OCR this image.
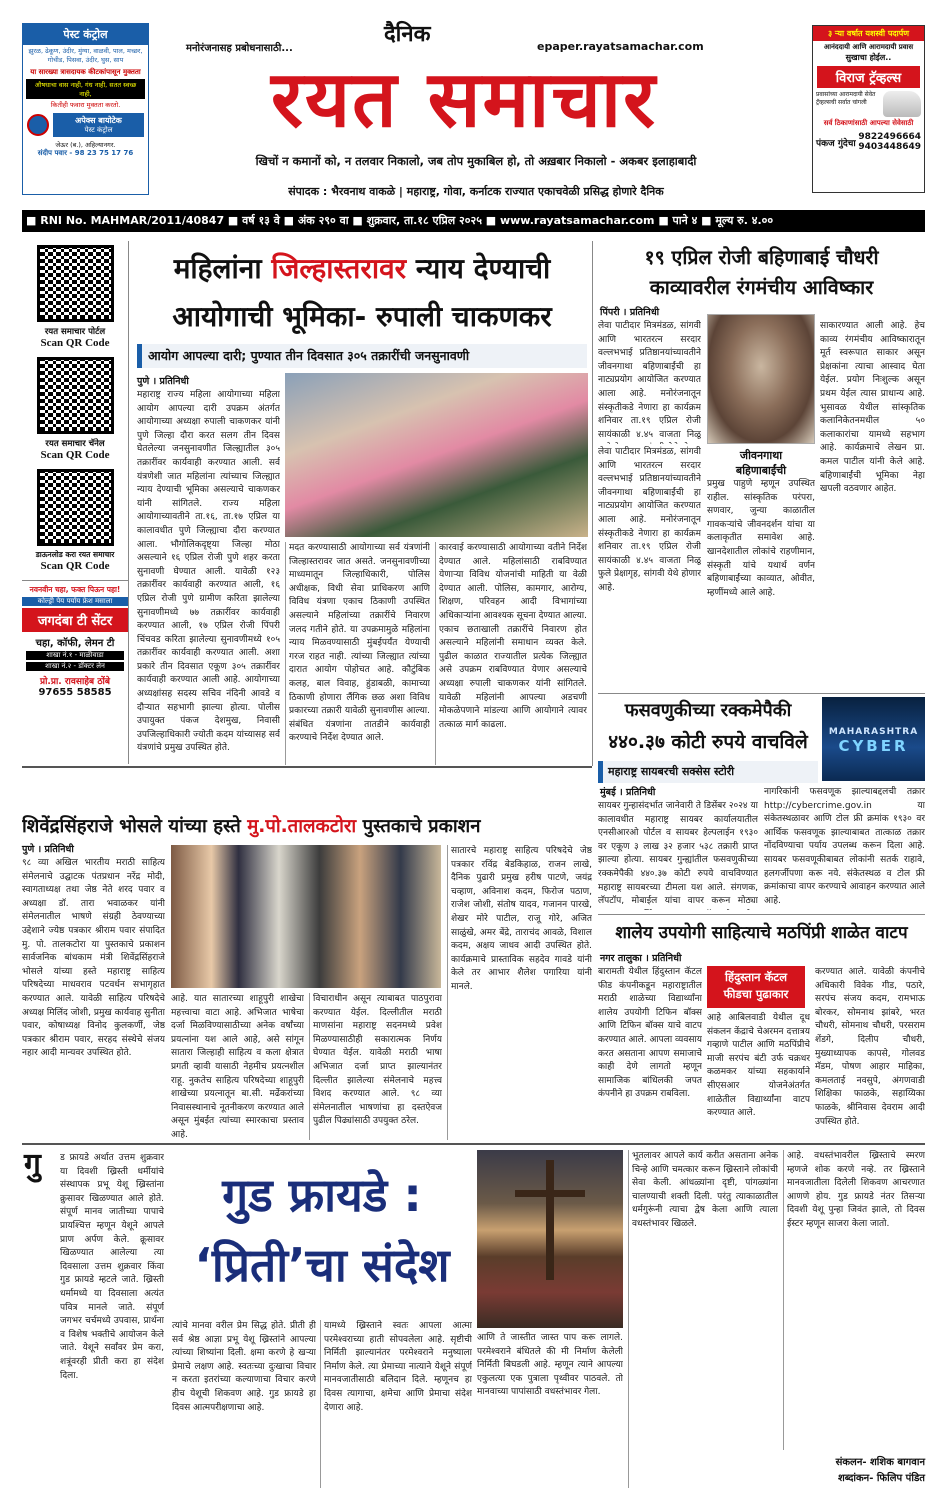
पेस्ट कंट्रोल
झुरळ, ढेकूण, उंदीर, मुंग्या, वाळवी, पाल, मच्छर, गोचीड, पिसवा, उंदीर, घुस, साप
या सारख्या त्रासदायक कीटकांपासून मुक्तता
औषधाचा वास नाही, गंध नाही, सतत स्वच्छ नाही,
कितीही फवारा मुक्तता करतो.
अपेक्स बायोटेक
पेस्ट कंट्रोल
जेऊर (ब.), अहिल्यानगर.
संदीप पवार - 98 23 75 17 76
दैनिक
मनोरंजनासह प्रबोधनासाठी...	epaper.rayatsamachar.com
रयत समाचार
खिचों न कमानों को, न तलवार निकालो, जब तोप मुकाबिल हो, तो अख़बार निकालो - अकबर इलाहाबादी
संपादक : भैरवनाथ वाकळे | महाराष्ट्र, गोवा, कर्नाटक राज्यात एकाचवेळी प्रसिद्ध होणारे दैनिक
३ ऱ्या वर्षात यशस्वी पदार्पण
आनंददायी आणि आरामदायी प्रवास
सुखाचा होईल..
विराज ट्रॅव्हल्स
प्रवासांच्या आरामदायी सेवेत
ट्रॅव्हल्सची सर्वात चांगली
सर्व ठिकाणांसाठी आपल्या सेवेसाठी
पंकज गुंदेचा
9822496664
9403448649
■ RNI No. MAHMAR/2011/40847 ■ वर्ष १३ वे ■ अंक २९० वा ■ शुक्रवार, ता.१८ एप्रिल २०२५ ■ www.rayatsamachar.com ■ पाने ४ ■ मूल्य रु. ४.००
रयत समाचार पोर्टल
Scan QR Code
रयत समाचार चॅनेल
Scan QR Code
डाऊनलोड करा रयत समाचार
Scan QR Code
नवनवीन चहा, फक्त पिऊन पहा!
कोल्ड्री पेय पर्याय फ्रेश मसाला
जगदंबा टी सेंटर
चहा, कॉफी, लेमन टी
शाखा नं.१ - माळीवाडा
शाखा नं.२ - डॉक्टर लेन
प्रो.प्रा. रावसाहेब ठोंबे
97655 58585
महिलांना जिल्हास्तरावर न्याय देण्याची
आयोगाची भूमिका- रुपाली चाकणकर
आयोग आपल्या दारी; पुण्यात तीन दिवसात ३०५ तक्रारींची जनसुनावणी
पुणे । प्रतिनिधी
महाराष्ट्र राज्य महिला आयोगाच्या महिला आयोग आपल्या दारी उपक्रम अंतर्गत आयोगाच्या अध्यक्षा रुपाली चाकणकर यांनी पुणे जिल्हा दौरा करत सलग तीन दिवस घेतलेल्या जनसुनावणीत जिल्ह्यातील ३०५ तक्रारींवर कार्यवाही करण्यात आली. सर्व यंत्रणेशी जात महिलांना त्यांच्याच जिल्ह्यात न्याय देण्याची भूमिका असल्याचे चाकणकर यांनी सांगितले. राज्य महिला आयोगाच्यावतीने ता.१६, ता.१७ एप्रिल या कालावधीत पुणे जिल्ह्याचा दौरा करण्यात आला. भौगोलिकदृष्ट्या जिल्हा मोठा असल्याने १६ एप्रिल रोजी पुणे शहर करता सुनावणी घेण्यात आली. यावेळी १२३ तक्रारींवर कार्यवाही करण्यात आली, १६ एप्रिल रोजी पुणे ग्रामीण करिता झालेल्या सुनावणीमध्ये ७७ तक्रारींवर कार्यवाही करण्यात आली, १७ एप्रिल रोजी पिंपरी चिंचवड करिता झालेल्या सुनावणीमध्ये १०५ तक्रारींवर कार्यवाही करण्यात आली. अशा प्रकारे तीन दिवसात एकूण ३०५ तक्रारींवर कार्यवाही करण्यात आली आहे. आयोगाच्या अध्यक्षांसह सदस्य सचिव नंदिनी आवडे व दौऱ्यात सहभागी झाल्या होत्या. पोलीस उपायुक्त पंकज देशमुख, निवासी उपजिल्हाधिकारी ज्योती कदम यांच्यासह सर्व यंत्रणांचे प्रमुख उपस्थित होते.
मदत करण्यासाठी आयोगाच्या सर्व यंत्रणांनी जिल्हास्तरावर जात असते. जनसुनावणीच्या माध्यमातून जिल्हाधिकारी, पोलिस अधीक्षक, विधी सेवा प्राधिकरण आणि विविध यंत्रणा एकाच ठिकाणी उपस्थित असल्याने महिलांच्या तक्रारींचे निवारण जलद गतीने होते. या उपक्रमामुळे महिलांना न्याय मिळवण्यासाठी मुंबईपर्यंत येण्याची गरज राहत नाही. त्यांच्या जिल्ह्यात त्यांच्या दारात आयोग पोहोचत आहे. कौटुंबिक कलह, बाल विवाह, हुंडाबळी, कामाच्या ठिकाणी होणारा लैंगिक छळ अशा विविध प्रकारच्या तक्रारी यावेळी सुनावणीस आल्या. संबंधित यंत्रणांना तातडीने कार्यवाही करण्याचे निर्देश देण्यात आले.
कारवाई करण्यासाठी आयोगाच्या वतीने निर्देश देण्यात आले. महिलांसाठी राबविण्यात येणाऱ्या विविध योजनांची माहिती या वेळी देण्यात आली. पोलिस, कामगार, आरोग्य, शिक्षण, परिवहन आदी विभागांच्या अधिकाऱ्यांना आवश्यक सूचना देण्यात आल्या. एकाच छताखाली तक्रारींचे निवारण होत असल्याने महिलांनी समाधान व्यक्त केले. पुढील काळात राज्यातील प्रत्येक जिल्ह्यात असे उपक्रम राबविण्यात येणार असल्याचे अध्यक्षा रुपाली चाकणकर यांनी सांगितले. यावेळी महिलांनी आपल्या अडचणी मोकळेपणाने मांडल्या आणि आयोगाने त्यावर तत्काळ मार्ग काढला.
१९ एप्रिल रोजी बहिणाबाई चौधरी
काव्यावरील रंगमंचीय आविष्कार
पिंपरी । प्रतिनिधी
लेवा पाटीदार मित्रमंडळ, सांगवी आणि भारतरत्न सरदार वल्लभभाई प्रतिष्ठानयांच्यावतीने जीवनगाथा बहिणाबाईंची हा नाट्यप्रयोग आयोजित करण्यात आला आहे. मनोरंजनातून संस्कृतीकडे नेणारा हा कार्यक्रम शनिवार ता.१९ एप्रिल रोजी सायंकाळी ४.४५ वाजता निळू
जीवनगाथा
बहिणाबाईंची
साकारण्यात आली आहे. हेच काव्य रंगमंचीय आविष्कारातून मूर्त स्वरूपात साकार असून प्रेक्षकांना त्याचा आस्वाद घेता येईल. प्रयोग निःशुल्क असून प्रथम येईल त्यास प्राधान्य आहे. भुसावळ येथील सांस्कृतिक कलानिकेतनमधील ५० कलाकारांचा यामध्ये सहभाग आहे. कार्यक्रमाचे लेखन प्रा. कमल पाटील यांनी केले आहे. बहिणाबाईंची भूमिका नेहा खपली वठवणार आहेत.
प्रमुख पाहुणे म्हणून उपस्थित राहील. सांस्कृतिक परंपरा, सणवार, जुन्या काळातील गावकऱ्यांचे जीवनदर्शन यांचा या कलाकृतीत समावेश आहे. खानदेशातील लोकांचे राहणीमान, संस्कृती यांचे यथार्थ वर्णन बहिणाबाईंच्या काव्यात, ओवीत, म्हणींमध्ये आले आहे.
लेवा पाटीदार मित्रमंडळ, सांगवी आणि भारतरत्न सरदार वल्लभभाई प्रतिष्ठानयांच्यावतीने जीवनगाथा बहिणाबाईंची हा नाट्यप्रयोग आयोजित करण्यात आला आहे. मनोरंजनातून संस्कृतीकडे नेणारा हा कार्यक्रम शनिवार ता.१९ एप्रिल रोजी सायंकाळी ४.४५ वाजता निळू फुले प्रेक्षागृह, सांगवी येथे होणार आहे.
फसवणुकीच्या रक्कमेपैकी
४४०.३७ कोटी रुपये वाचविले
महाराष्ट्र सायबरची सक्सेस स्टोरी
MAHARASHTRA
CYBER
मुंबई । प्रतिनिधी
सायबर गुन्हासंदर्भात जानेवारी ते डिसेंबर २०२४ या कालावधीत महाराष्ट्र सायबर कार्यालयातील एनसीआरओ पोर्टल व सायबर हेल्पलाईन १९३० वर एकूण ३ लाख ३२ हजार ५३८ तक्रारी प्राप्त झाल्या होत्या. सायबर गुन्ह्यांतील फसवणुकीच्या रक्कमेपैकी ४४०.३७ कोटी रुपये वाचविण्यात महाराष्ट्र सायबरच्या टीमला यश आले. संगणक, लॅपटॉप, मोबाईल यांचा वापर करून मोठ्या
नागरिकांनी फसवणूक झाल्याबद्दलची तक्रार http://cybercrime.gov.in या संकेतस्थळावर आणि टोल फ्री क्रमांक १९३० वर आर्थिक फसवणूक झाल्याबाबत तात्काळ तक्रार नोंदविण्याचा पर्याय उपलब्ध करून दिला आहे. सायबर फसवणूकीबाबत लोकांनी सतर्क राहावे, हलगर्जीपणा करू नये. संकेतस्थळ व टोल फ्री क्रमांकाचा वापर करण्याचे आवाहन करण्यात आले आहे.
शिवेंद्रसिंहराजे भोसले यांच्या हस्ते मु.पो.तालकटोरा पुस्तकाचे प्रकाशन
पुणे । प्रतिनिधी
९८ व्या अखिल भारतीय मराठी साहित्य संमेलनाचे उद्घाटक पंतप्रधान नरेंद्र मोदी, स्वागताध्यक्ष तथा जेष्ठ नेते शरद पवार व अध्यक्षा डॉ. तारा भवाळकर यांनी संमेलनातील भाषणे संग्रही ठेवण्याच्या उद्देशाने ज्येष्ठ पत्रकार श्रीराम पवार संपादित मु. पो. तालकटोरा या पुस्तकाचे प्रकाशन सार्वजनिक बांधकाम मंत्री शिवेंद्रसिंहराजे भोसले यांच्या हस्ते महाराष्ट्र साहित्य परिषदेच्या माधवराव पटवर्धन सभागृहात करण्यात आले. यावेळी साहित्य परिषदेचे अध्यक्ष मिलिंद जोशी, प्रमुख कार्यवाह सुनीता पवार, कोषाध्यक्ष विनोद कुलकर्णी, जेष्ठ पत्रकार श्रीराम पवार, सरहद संस्थेचे संजय नहार आदी मान्यवर उपस्थित होते.
आहे. यात सातारच्या शाहूपुरी शाखेचा महत्त्वाचा वाटा आहे. अभिजात भाषेचा दर्जा मिळविण्यासाठीच्या अनेक वर्षांच्या प्रयत्नांना यश आले आहे, असे सांगून सातारा जिल्हाही साहित्य व कला क्षेत्रात प्रगती व्हावी यासाठी नेहमीच प्रयत्नशील राहू. नुकतेच साहित्य परिषदेच्या शाहूपुरी शाखेच्या प्रयत्नातून बा.सी. मर्ढेकरांच्या निवासस्थानाचे नूतनीकरण करण्यात आले असून मुंबईत त्यांच्या स्मारकाचा प्रस्ताव आहे.
विचाराधीन असून त्याबाबत पाठपुरावा करण्यात येईल. दिल्लीतील मराठी माणसांना महाराष्ट्र सदनमध्ये प्रवेश मिळण्यासाठीही सकारात्मक निर्णय घेण्यात येईल. यावेळी मराठी भाषा अभिजात दर्जा प्राप्त झाल्यानंतर दिल्लीत झालेल्या संमेलनाचे महत्त्व विशद करण्यात आले. ९८ व्या संमेलनातील भाषणांचा हा दस्तऐवज पुढील पिढ्यांसाठी उपयुक्त ठरेल.
सातारचे महाराष्ट्र साहित्य परिषदेचे जेष्ठ पत्रकार रविंद्र बेडकिहाळ, राजन लाखे, दैनिक पुढारी प्रमुख हरीष पाटणे, जयंद्र चव्हाण, अविनाश कदम, फिरोज पठाण, राजेश जोशी, संतोष यादव, गजानन पारखे, शेखर मोरे पाटील, राजू गोरे, अजित साळुंखे, अमर बेंद्रे, ताराचंद आवळे, विशाल कदम, अक्षय जाधव आदी उपस्थित होते. कार्यक्रमाचे प्रास्ताविक सहदेव गावडे यांनी केले तर आभार शैलेश पगारिया यांनी मानले.
शालेय उपयोगी साहित्याचे मठपिंप्री शाळेत वाटप
नगर तालुका । प्रतिनिधी
बारामती येथील हिंदुस्तान कॅटल फीड कंपनीकडून महाराष्ट्रातील मराठी शाळेच्या विद्यार्थ्यांना शालेय उपयोगी टिफिन बॉक्स आणि टिफिन बॉक्स याचे वाटप करण्यात आले. आपला व्यवसाय करत असताना आपण समाजाचे काही देणे लागतो म्हणून सामाजिक बांधिलकी जपत कंपनीने हा उपक्रम राबविला.
हिंदुस्तान कॅटल
फीडचा पुढाकार
आहे आबिलवाडी येथील दूध संकलन केंद्राचे चेअरमन दत्तात्रय गव्हाणे पाटील आणि मठपिंप्रीचे माजी सरपंच बंटी उर्फ चक्रधर कळमकर यांच्या सहकार्याने सीएसआर योजनेअंतर्गत शाळेतील विद्यार्थ्यांना वाटप करण्यात आले.
करण्यात आले. यावेळी कंपनीचे अधिकारी विवेक गीड, पठारे, सरपंच संजय कदम, रामभाऊ बोरकर, सोमनाथ झांबरे, भरत चौधरी, सोमनाथ चौधरी, परसराम शेंडगे, दिलीप चौधरी, मुख्याध्यापक कापसे, गोलवड मॅडम, पोषण आहार माहिका, कमलताई नवसुपे, अंगणवाडी शिक्षिका फाळके, सहाय्यिका फाळके, श्रीनिवास देवराम आदी उपस्थित होते.
गु ड फ्रायडे अर्थात उत्तम शुक्रवार या दिवशी ख्रिस्ती धर्मीयांचे संस्थापक प्रभू येशू ख्रिस्तांना क्रुसावर खिळण्यात आले होते. संपूर्ण मानव जातीच्या पापाचे प्रायश्चित्त म्हणून येशूने आपले प्राण अर्पण केले. क्रूसावर खिळण्यात आलेल्या त्या दिवसाला उत्तम शुक्रवार किंवा गुड फ्रायडे म्हटले जाते. ख्रिस्ती धर्मामध्ये या दिवसाला अत्यंत पवित्र मानले जाते. संपूर्ण जगभर चर्चमध्ये उपवास, प्रार्थना व विशेष भक्तीचे आयोजन केले जाते. येशूने सर्वांवर प्रेम करा, शत्रूंवरही प्रीती करा हा संदेश दिला.
गुड फ्रायडे :
‘प्रिती’चा संदेश
त्यांचे मानवा वरील प्रेम सिद्ध होते. प्रीती ही सर्व श्रेष्ठ आज्ञा प्रभू येशू ख्रिस्तांने आपल्या त्यांच्या शिष्यांना दिली. क्षमा करणे हे खऱ्या प्रेमाचे लक्षण आहे. स्वतःच्या दुःखाचा विचार न करता इतरांच्या कल्याणाचा विचार करणे हीच येशूची शिकवण आहे. गुड फ्रायडे हा दिवस आत्मपरीक्षणाचा आहे.
यामध्ये ख्रिस्ताने स्वतः आपला आत्मा परमेश्वराच्या हाती सोपवलेला आहे. सृष्टीची निर्मिती झाल्यानंतर परमेश्वराने मनुष्याला निर्माण केले. त्या प्रेमाच्या नात्याने येशूने संपूर्ण मानवजातीसाठी बलिदान दिले. म्हणूनच हा दिवस त्यागाचा, क्षमेचा आणि प्रेमाचा संदेश देणारा आहे.
आणि ते जास्तीत जास्त पाप करू लागले. परमेश्वराने बंधितले की मी निर्माण केलेली निर्मिती बिघडली आहे. म्हणून त्याने आपल्या एकुलत्या एक पुत्राला पृथ्वीवर पाठवले. तो मानवाच्या पापांसाठी वधस्तंभावर गेला.
भूतलावर आपले कार्य करीत असताना अनेक चिन्हे आणि चमत्कार करून ख्रिस्ताने लोकांची सेवा केली. आंधळ्यांना दृष्टी, पांगळ्यांना चालण्याची शक्ती दिली. परंतु त्याकाळातील धर्मगुरूंनी त्याचा द्वेष केला आणि त्याला वधस्तंभावर खिळले.
आहे. वधस्तंभावरील ख्रिस्ताचे स्मरण म्हणजे शोक करणे नव्हे. तर ख्रिस्ताने मानवजातीला दिलेली शिकवण आचरणात आणणे होय. गुड फ्रायडे नंतर तिसऱ्या दिवशी येशू पुन्हा जिवंत झाले, तो दिवस ईस्टर म्हणून साजरा केला जातो.
संकलन- शशिक बागवान
शब्दांकन- फिलिप पंडित
